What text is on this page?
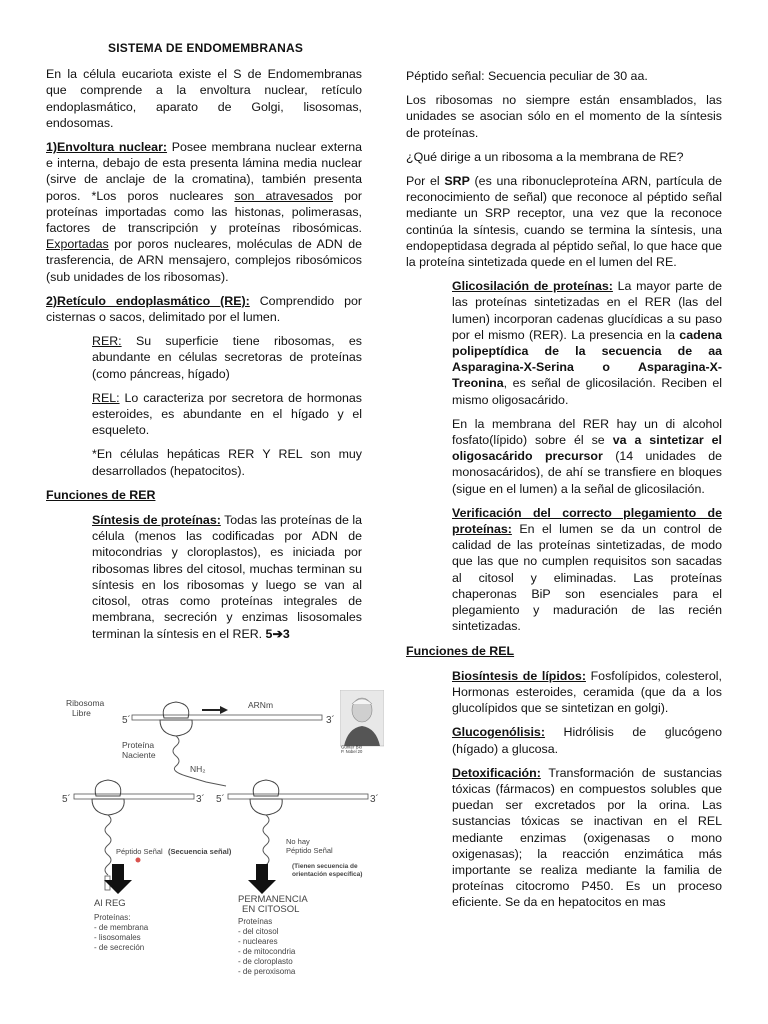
SISTEMA DE ENDOMEMBRANAS

En la célula eucariota existe el S de Endomembranas que comprende a la envoltura nuclear, retículo endoplasmático, aparato de Golgi, lisosomas, endosomas.

1)Envoltura nuclear: Posee membrana nuclear externa e interna, debajo de esta presenta lámina media nuclear (sirve de anclaje de la cromatina), también presenta poros. *Los poros nucleares son atravesados por proteínas importadas como las histonas, polimerasas, factores de transcripción y proteínas ribosómicas. Exportadas por poros nucleares, moléculas de ADN de trasferencia, de ARN mensajero, complejos ribosómicos (sub unidades de los ribosomas).

2)Retículo endoplasmático (RE): Comprendido por cisternas o sacos, delimitado por el lumen.

RER: Su superficie tiene ribosomas, es abundante en células secretoras de proteínas (como páncreas, hígado)

REL: Lo caracteriza por secretora de hormonas esteroides, es abundante en el hígado y el esqueleto.

*En células hepáticas RER Y REL son muy desarrollados (hepatocitos).

Funciones de RER

Síntesis de proteínas: Todas las proteínas de la célula (menos las codificadas por ADN de mitocondrias y cloroplastos), es iniciada por ribosomas libres del citosol, muchas terminan su síntesis en los ribosomas y luego se van al citosol, otras como proteínas integrales de membrana, secreción y enzimas lisosomales terminan la síntesis en el RER. 5➔3

Péptido señal: Secuencia peculiar de 30 aa.

Los ribosomas no siempre están ensamblados, las unidades se asocian sólo en el momento de la síntesis de proteínas.

¿Qué dirige a un ribosoma a la membrana de RE?

Por el SRP (es una ribonucleproteína ARN, partícula de reconocimiento de señal) que reconoce al péptido señal mediante un SRP receptor, una vez que la reconoce continúa la síntesis, cuando se termina la síntesis, una endopeptidasa degrada al péptido señal, lo que hace que la proteína sintetizada quede en el lumen del RE.

Glicosilación de proteínas: La mayor parte de las proteínas sintetizadas en el RER (las del lumen) incorporan cadenas glucídicas a su paso por el mismo (RER). La presencia en la cadena polipeptídica de la secuencia de aa Asparagina-X-Serina o Asparagina-X-Treonina, es señal de glicosilación. Reciben el mismo oligosacárido.

En la membrana del RER hay un di alcohol fosfato(lípido) sobre él se va a sintetizar el oligosacárido precursor (14 unidades de monosacáridos), de ahí se transfiere en bloques (sigue en el lumen) a la señal de glicosilación.

Verificación del correcto plegamiento de proteínas: En el lumen se da un control de calidad de las proteínas sintetizadas, de modo que las que no cumplen requisitos son sacadas al citosol y eliminadas. Las proteínas chaperonas BiP son esenciales para el plegamiento y maduración de las recién sintetizadas.

Funciones de REL

Biosíntesis de lípidos: Fosfolípidos, colesterol, Hormonas esteroides, ceramida (que da a los glucolípidos que se sintetizan en golgi).

Glucogenólisis: Hidrólisis de glucógeno (hígado) a glucosa.

Detoxificación: Transformación de sustancias tóxicas (fármacos) en compuestos solubles que puedan ser excretados por la orina. Las sustancias tóxicas se inactivan en el REL mediante enzimas (oxigenasas o mono oxigenasas); la reacción enzimática más importante se realiza mediante la familia de proteínas citocromo P450. Es un proceso eficiente. Se da en hepatocitos en mas

Ribosoma
Libre
5´	3´
ARNm
Proteína
Naciente
NH₂
5´	3´
Péptido Señal (Secuencia señal)
5´	3´
No hay
Péptido Señal
(Tienen secuencia de
orientación específica)
Al REG
Proteínas:
- de membrana
- lisosomales
- de secreción
PERMANENCIA
EN CITOSOL
Proteínas
- del citosol
- nucleares
- de mitocondria
- de cloroplasto
- de peroxisoma
Gunter Blö
P. Nobel 20
